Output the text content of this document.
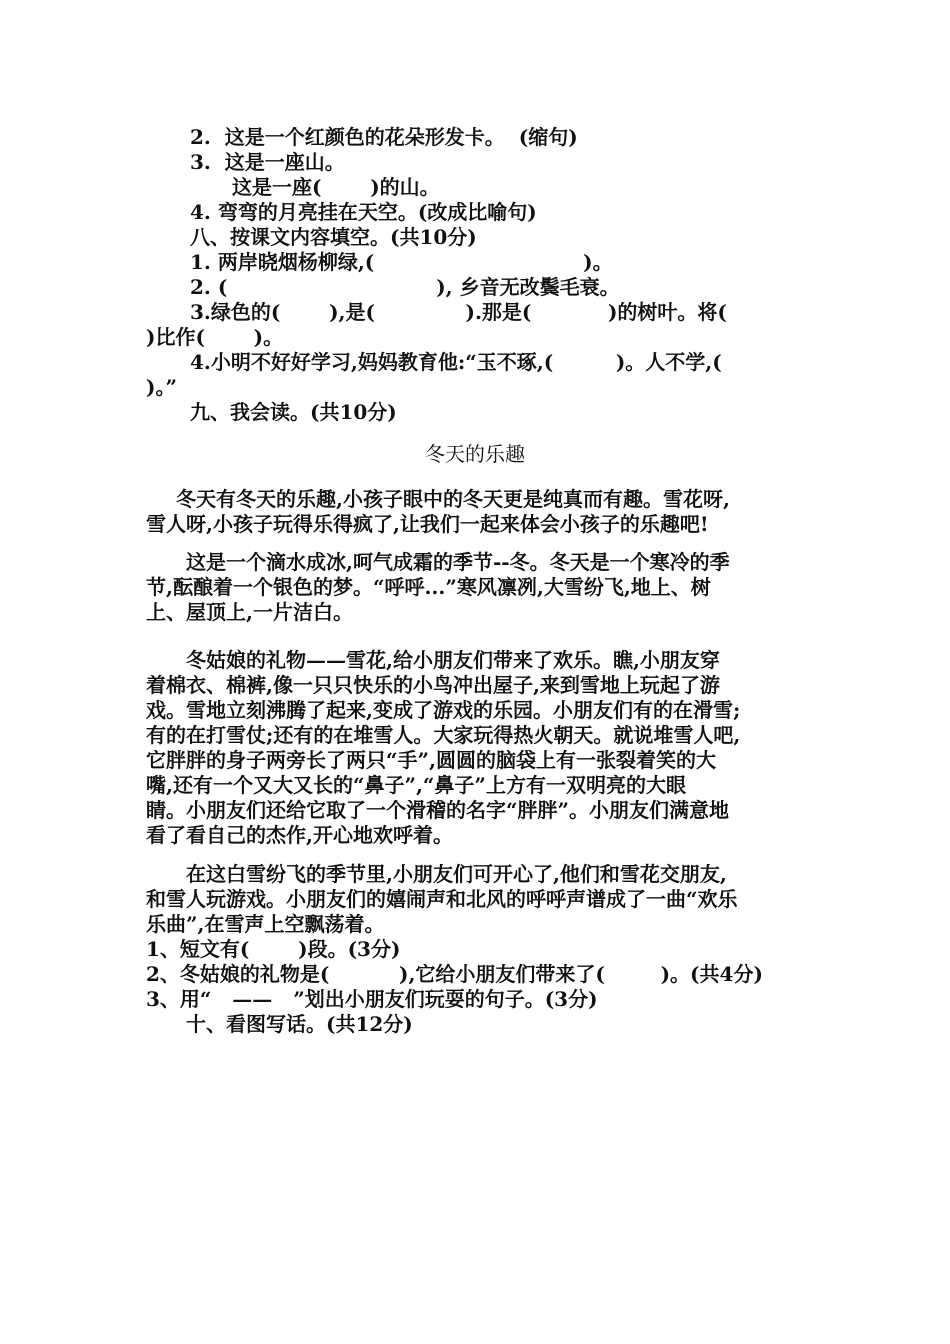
2.  这是一个红颜色的花朵形发卡。  (缩句)
3.  这是一座山。
这是一座(       )的山。
4. 弯弯的月亮挂在天空。(改成比喻句)
八、按课文内容填空。(共10分)
1. 两岸晓烟杨柳绿,(                              )。
2. (                              ), 乡音无改鬓毛衰。
3.绿色的(       ),是(             ).那是(           )的树叶。将(
)比作(       )。
4.小明不好好学习,妈妈教育他:“玉不琢,(         )。人不学,(
)。”
九、我会读。(共10分)
冬天的乐趣
冬天有冬天的乐趣,小孩子眼中的冬天更是纯真而有趣。雪花呀,
雪人呀,小孩子玩得乐得疯了,让我们一起来体会小孩子的乐趣吧!
这是一个滴水成冰,呵气成霜的季节--冬。冬天是一个寒冷的季
节,酝酿着一个银色的梦。“呼呼...”寒风凛冽,大雪纷飞,地上、树
上、屋顶上,一片洁白。
冬姑娘的礼物——雪花,给小朋友们带来了欢乐。瞧,小朋友穿
着棉衣、棉裤,像一只只快乐的小鸟冲出屋子,来到雪地上玩起了游
戏。雪地立刻沸腾了起来,变成了游戏的乐园。小朋友们有的在滑雪;
有的在打雪仗;还有的在堆雪人。大家玩得热火朝天。就说堆雪人吧,
它胖胖的身子两旁长了两只“手”,圆圆的脑袋上有一张裂着笑的大
嘴,还有一个又大又长的“鼻子”,“鼻子”上方有一双明亮的大眼
睛。小朋友们还给它取了一个滑稽的名字“胖胖”。小朋友们满意地
看了看自己的杰作,开心地欢呼着。
在这白雪纷飞的季节里,小朋友们可开心了,他们和雪花交朋友,
和雪人玩游戏。小朋友们的嬉闹声和北风的呼呼声谱成了一曲“欢乐
乐曲”,在雪声上空飘荡着。
1、短文有(       )段。(3分)
2、冬姑娘的礼物是(          ),它给小朋友们带来了(        )。(共4分)
3、用“   ——   ”划出小朋友们玩耍的句子。(3分)
十、看图写话。(共12分)
